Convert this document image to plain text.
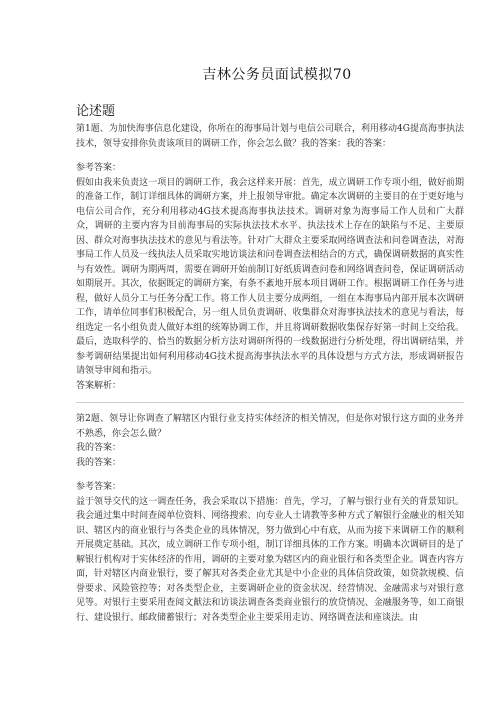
吉林公务员面试模拟70
论述题

第1题、为加快海事信息化建设，你所在的海事局计划与电信公司联合，利用移动4G提高海事执法技术，领导安排你负责该项目的调研工作，你会怎么做？我的答案：我的答案：

参考答案：

假如由我来负责这一项目的调研工作，我会这样来开展：首先，成立调研工作专项小组，做好前期的准备工作，制订详细具体的调研方案，并上报领导审批。确定本次调研的主要目的在于更好地与电信公司合作，充分利用移动4G技术提高海事执法技术。调研对象为海事局工作人员和广大群众，调研的主要内容为目前海事局的实际执法技术水平、执法技术上存在的缺陷与不足、主要原因、群众对海事执法技术的意见与看法等。针对广大群众主要采取网络调查法和问卷调查法，对海事局工作人员及一线执法人员采取实地访谈法和问卷调查法相结合的方式，确保调研数据的真实性与有效性。调研为期两周，需要在调研开始前制订好纸质调查问卷和网络调查问卷，保证调研活动如期展开。其次，依据既定的调研方案，有条不紊地开展本项目调研工作。根据调研工作任务与进程，做好人员分工与任务分配工作。将工作人员主要分成两组，一组在本海事局内部开展本次调研工作，请单位同事们积极配合，另一组人员负责调研、收集群众对海事执法技术的意见与看法，每组选定一名小组负责人做好本组的统筹协调工作，并且将调研数据收集保存好第一时间上交给我。最后，选取科学的、恰当的数据分析方法对调研所得的一线数据进行分析处理，得出调研结果，并参考调研结果提出如何利用移动4G技术提高海事执法水平的具体设想与方式方法，形成调研报告请领导审阅和指示。

答案解析：

第2题、领导让你调查了解辖区内银行业支持实体经济的相关情况，但是你对银行这方面的业务并不熟悉，你会怎么做？

我的答案：

我的答案：

参考答案：

益于领导交代的这一调查任务，我会采取以下措施：首先，学习，了解与银行业有关的背景知识。我会通过集中时间查阅单位资料、网络搜索、向专业人士请教等多种方式了解银行金融业的相关知识、辖区内的商业银行与各类企业的具体情况，努力做到心中有底，从而为接下来调研工作的顺利开展奠定基础。其次，成立调研工作专项小组，制订详细具体的工作方案。明确本次调研目的是了解银行机构对于实体经济的作用，调研的主要对象为辖区内的商业银行和各类型企业。调查内容方面，针对辖区内商业银行，要了解其对各类企业尤其是中小企业的具体信贷政策，如贷款规模、信誉要求、风险管控等；对各类型企业，主要调研企业的资金状况、经营情况、金融需求与对银行意见等。对银行主要采用查阅文献法和访谈法调查各类商业银行的放贷情况、金融服务等，如工商银行、建设银行、邮政储蓄银行；对各类型企业主要采用走访、网络调查法和座谈法。由
